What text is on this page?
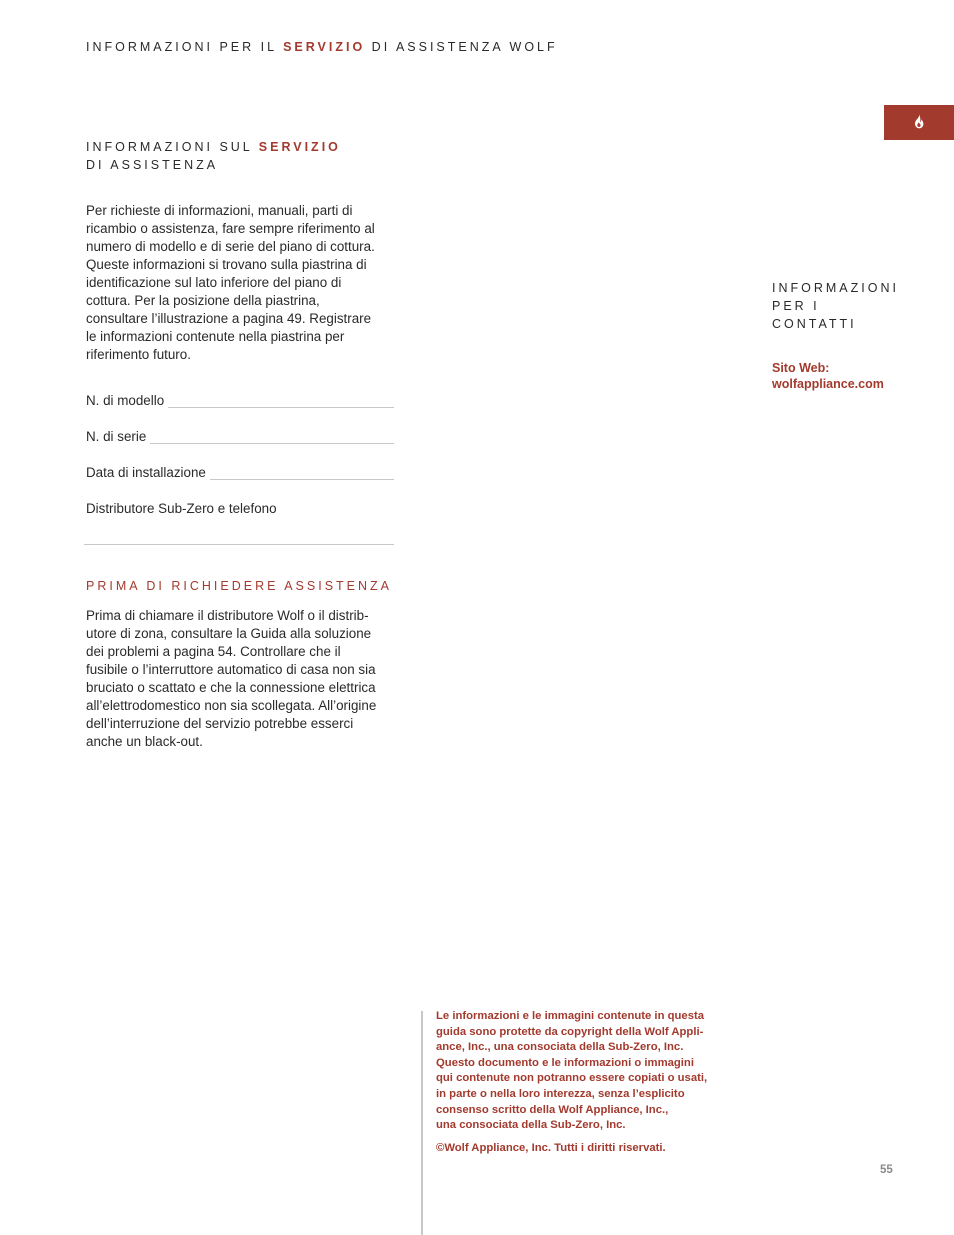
INFORMAZIONI PER IL SERVIZIO DI ASSISTENZA WOLF
INFORMAZIONI SUL SERVIZIO
DI ASSISTENZA
Per richieste di informazioni, manuali, parti di
ricambio o assistenza, fare sempre riferimento al
numero di modello e di serie del piano di cottura.
Queste informazioni si trovano sulla piastrina di
identificazione sul lato inferiore del piano di
cottura. Per la posizione della piastrina,
consultare l’illustrazione a pagina 49. Registrare
le informazioni contenute nella piastrina per
riferimento futuro.
N. di modello
N. di serie
Data di installazione
Distributore Sub-Zero e telefono
PRIMA DI RICHIEDERE ASSISTENZA
Prima di chiamare il distributore Wolf o il distrib-
utore di zona, consultare la Guida alla soluzione
dei problemi a pagina 54. Controllare che il
fusibile o l’interruttore automatico di casa non sia
bruciato o scattato e che la connessione elettrica
all’elettrodomestico non sia scollegata. All’origine
dell’interruzione del servizio potrebbe esserci
anche un black-out.
INFORMAZIONI
PER I
CONTATTI
Sito Web:
wolfappliance.com
Le informazioni e le immagini contenute in questa
guida sono protette da copyright della Wolf Appli-
ance, Inc., una consociata della Sub-Zero, Inc.
Questo documento e le informazioni o immagini
qui contenute non potranno essere copiati o usati,
in parte o nella loro interezza, senza l’esplicito
consenso scritto della Wolf Appliance, Inc.,
una consociata della Sub-Zero, Inc.
©Wolf Appliance, Inc. Tutti i diritti riservati.
55
